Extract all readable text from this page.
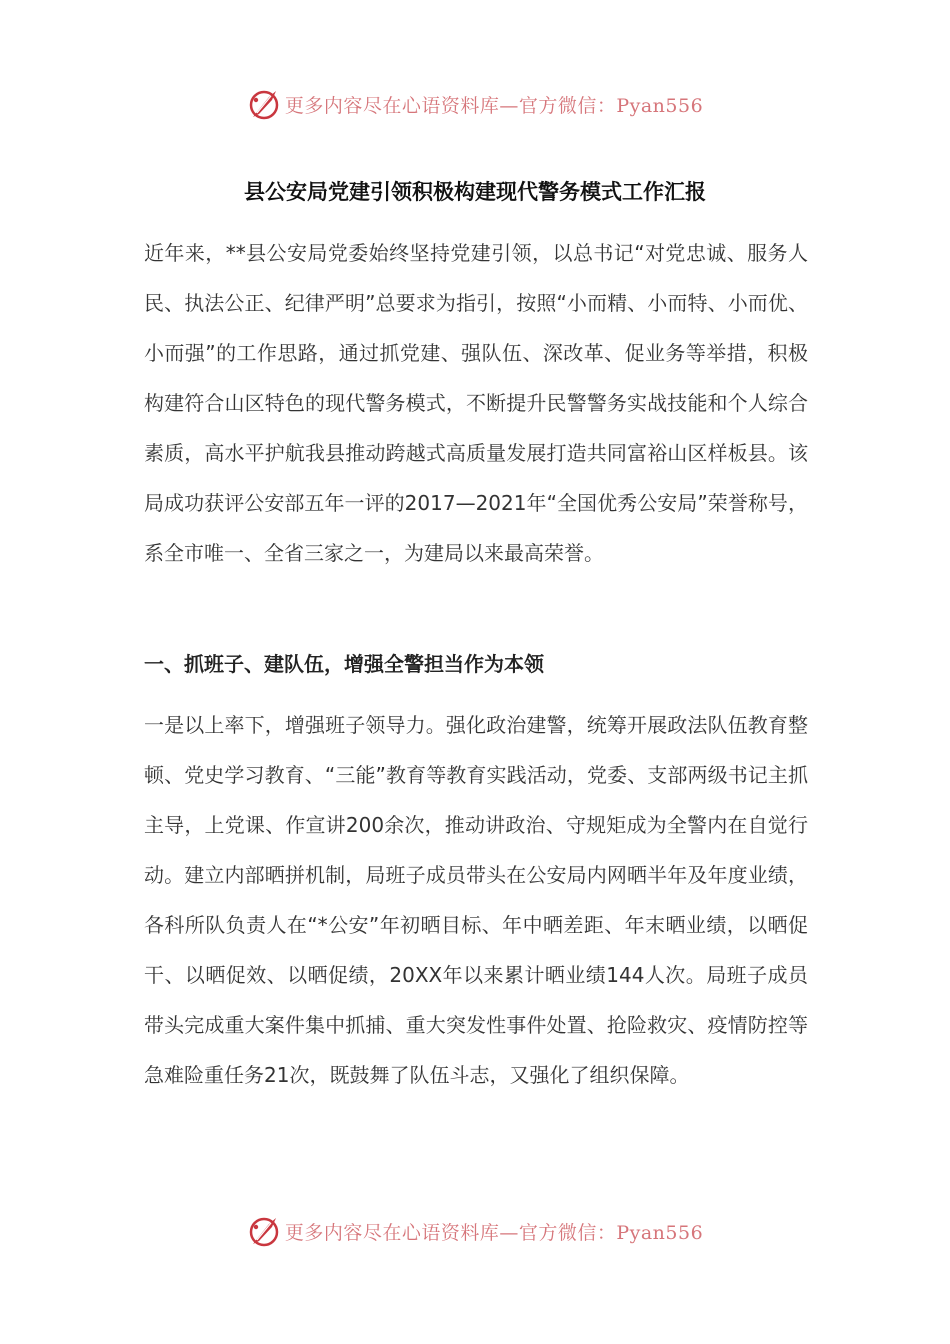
更多内容尽在心语资料库—官方微信：Pyan556
县公安局党建引领积极构建现代警务模式工作汇报

近年来，**县公安局党委始终坚持党建引领，以总书记“对党忠诚、服务人民、执法公正、纪律严明”总要求为指引，按照“小而精、小而特、小而优、小而强”的工作思路，通过抓党建、强队伍、深改革、促业务等举措，积极构建符合山区特色的现代警务模式，不断提升民警警务实战技能和个人综合素质，高水平护航我县推动跨越式高质量发展打造共同富裕山区样板县。该局成功获评公安部五年一评的2017—2021年“全国优秀公安局”荣誉称号，系全市唯一、全省三家之一，为建局以来最高荣誉。

一、抓班子、建队伍，增强全警担当作为本领

一是以上率下，增强班子领导力。强化政治建警，统筹开展政法队伍教育整顿、党史学习教育、“三能”教育等教育实践活动，党委、支部两级书记主抓主导，上党课、作宣讲200余次，推动讲政治、守规矩成为全警内在自觉行动。建立内部晒拼机制，局班子成员带头在公安局内网晒半年及年度业绩，各科所队负责人在“*公安”年初晒目标、年中晒差距、年末晒业绩，以晒促干、以晒促效、以晒促绩，20XX年以来累计晒业绩144人次。局班子成员带头完成重大案件集中抓捕、重大突发性事件处置、抢险救灾、疫情防控等急难险重任务21次，既鼓舞了队伍斗志，又强化了组织保障。

更多内容尽在心语资料库—官方微信：Pyan556
